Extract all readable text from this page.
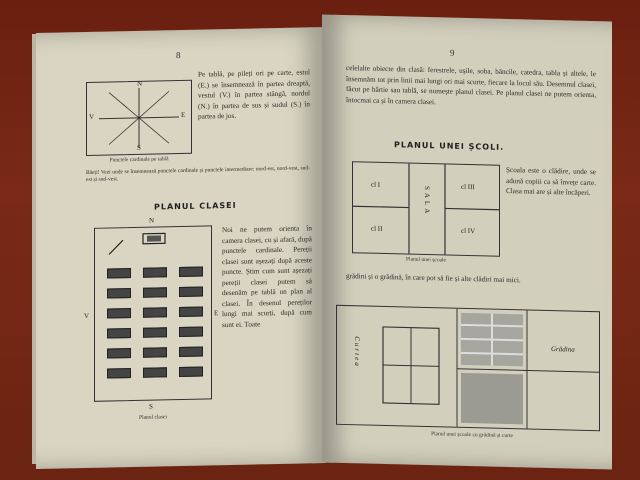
8
N
E
S
V
Punctele cardinale pe tablă
Pe tablă, pe pileți ori pe carte, estul (E.) se însemnează în partea dreaptă, vestul (V.) în partea stângă, nordul (N.) în partea de sus și sudul (S.) în partea de jos.
Băeți! Vezi unde se însemnează punctele cardinale și punctele intermediare: nord-est, nord-vest, sud-est și sud-vest.
PLANUL CLASEI
N
V	E
S
Planul clasei
Noi ne putem orienta în camera clasei, cu și afară, după punctele cardinale. Pereții clasei sunt așezați după aceste puncte. Știm cum sunt așezați pereții clasei putem să desenăm pe tablă un plan al clasei. În desenul pereților lungi mai scurți, după cum sunt ei. Toate
9
celelalte obiecte din clasă: ferestrele, ușile, soba, băncile, catedra, tabla și altele, le însemnăm tot prin linii mai lungi ori mai scurte, fiecare la locul său. Desemnul clasei, făcut pe hârtie sau tablă, se numește planul clasei. Pe planul clasei ne putem orienta, întocmai ca și în camera clasei.
PLANUL UNEI ȘCOLI.
cl I
cl II
cl III
cl IV
SALA
Planul unei școale
Școala este o clădire, unde se adună copiii ca să învețe carte. Clasa mai are și alte încăperi.
grădini și o grădină, în care pot să fie și alte clădiri mai mici.
Curtea	Grădina
Planul unei școale cu grădină și curte
